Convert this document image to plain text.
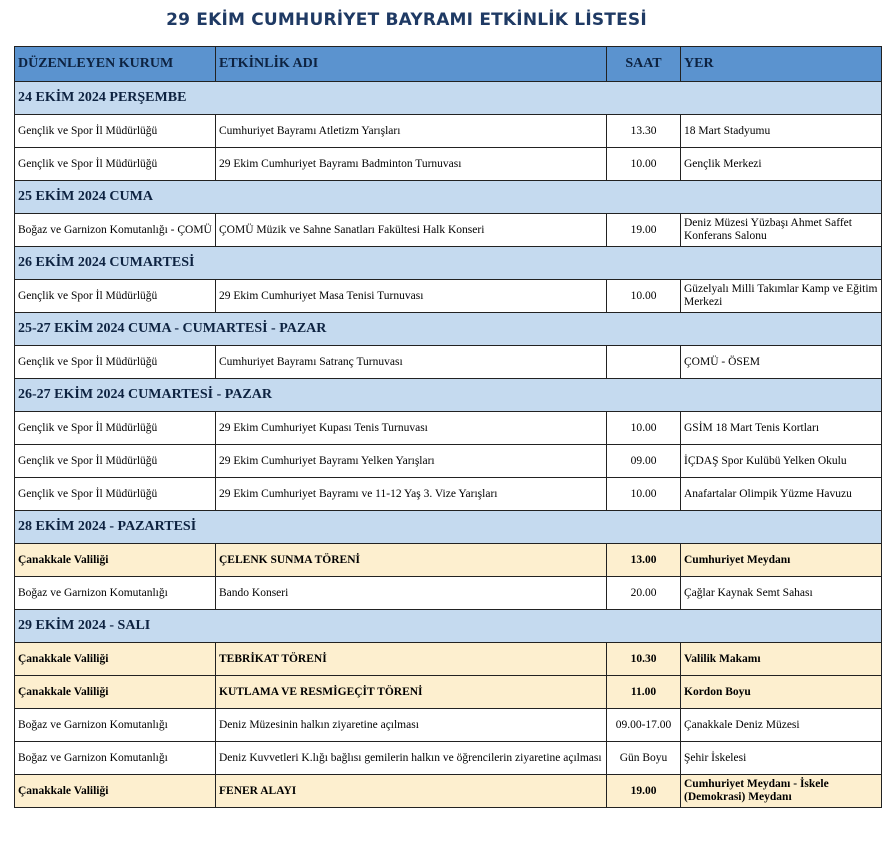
29 EKİM CUMHURİYET BAYRAMI ETKİNLİK LİSTESİ
DÜZENLEYEN KURUM	ETKİNLİK ADI	SAAT	YER
24 EKİM 2024 PERŞEMBE			
Gençlik ve Spor İl Müdürlüğü	Cumhuriyet Bayramı Atletizm Yarışları	13.30	18 Mart Stadyumu
Gençlik ve Spor İl Müdürlüğü	29 Ekim Cumhuriyet Bayramı Badminton Turnuvası	10.00	Gençlik Merkezi
25 EKİM 2024 CUMA			
Boğaz ve Garnizon Komutanlığı - ÇOMÜ	ÇOMÜ Müzik ve Sahne Sanatları Fakültesi Halk Konseri	19.00	Deniz Müzesi Yüzbaşı Ahmet Saffet Konferans Salonu
26 EKİM 2024 CUMARTESİ			
Gençlik ve Spor İl Müdürlüğü	29 Ekim Cumhuriyet Masa Tenisi Turnuvası	10.00	Güzelyalı Milli Takımlar Kamp ve Eğitim Merkezi
25-27 EKİM 2024 CUMA - CUMARTESİ - PAZAR			
Gençlik ve Spor İl Müdürlüğü	Cumhuriyet Bayramı Satranç Turnuvası		ÇOMÜ - ÖSEM
26-27 EKİM 2024 CUMARTESİ - PAZAR			
Gençlik ve Spor İl Müdürlüğü	29 Ekim Cumhuriyet Kupası Tenis Turnuvası	10.00	GSİM 18 Mart Tenis Kortları
Gençlik ve Spor İl Müdürlüğü	29 Ekim Cumhuriyet Bayramı Yelken Yarışları	09.00	İÇDAŞ Spor Kulübü Yelken Okulu
Gençlik ve Spor İl Müdürlüğü	29 Ekim Cumhuriyet Bayramı ve 11-12 Yaş 3. Vize Yarışları	10.00	Anafartalar Olimpik Yüzme Havuzu
28 EKİM 2024 - PAZARTESİ			
Çanakkale Valiliği	ÇELENK SUNMA TÖRENİ	13.00	Cumhuriyet Meydanı
Boğaz ve Garnizon Komutanlığı	Bando Konseri	20.00	Çağlar Kaynak Semt Sahası
29 EKİM 2024 - SALI			
Çanakkale Valiliği	TEBRİKAT TÖRENİ	10.30	Valilik Makamı
Çanakkale Valiliği	KUTLAMA VE RESMİGEÇİT TÖRENİ	11.00	Kordon Boyu
Boğaz ve Garnizon Komutanlığı	Deniz Müzesinin halkın ziyaretine açılması	09.00-17.00	Çanakkale Deniz Müzesi
Boğaz ve Garnizon Komutanlığı	Deniz Kuvvetleri K.lığı bağlısı gemilerin halkın ve öğrencilerin ziyaretine açılması	Gün Boyu	Şehir İskelesi
Çanakkale Valiliği	FENER ALAYI	19.00	Cumhuriyet Meydanı - İskele (Demokrasi) Meydanı
